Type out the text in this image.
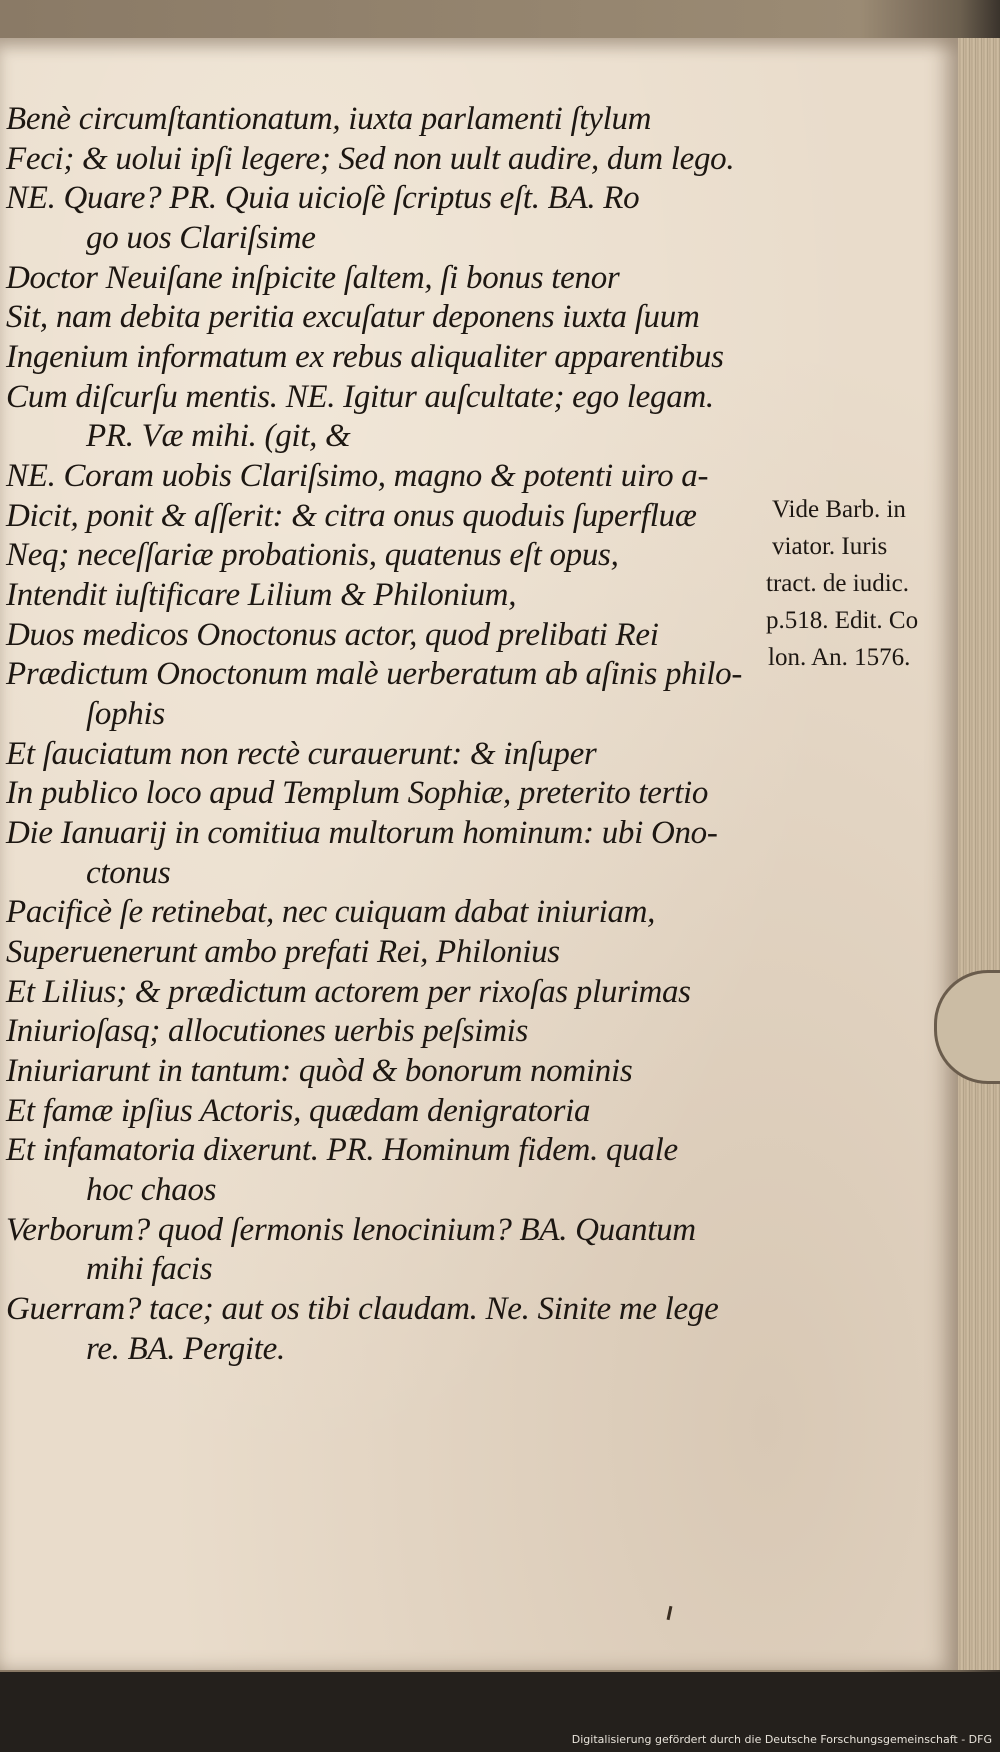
Benè circumſtantionatum, iuxta parlamenti ſtylum
Feci; & uolui ipſi legere; Sed non uult audire, dum lego.
NE. Quare? PR. Quia uicioſè ſcriptus eſt. BA. Ro
go uos Clariſsime
Doctor Neuiſane inſpicite ſaltem, ſi bonus tenor
Sit, nam debita peritia excuſatur deponens iuxta ſuum
Ingenium informatum ex rebus aliqualiter apparentibus
Cum diſcurſu mentis. NE. Igitur auſcultate; ego legam.
PR. Væ mihi. (git, &
NE. Coram uobis Clariſsimo, magno & potenti uiro a-
Dicit, ponit & aſſerit: & citra onus quoduis ſuperfluæ
Neq; neceſſariæ probationis, quatenus eſt opus,
Intendit iuſtificare Lilium & Philonium,
Duos medicos Onoctonus actor, quod prelibati Rei
Prædictum Onoctonum malè uerberatum ab aſinis philo-
ſophis
Et ſauciatum non rectè curauerunt: & inſuper
In publico loco apud Templum Sophiæ, preterito tertio
Die Ianuarij in comitiua multorum hominum: ubi Ono-
ctonus
Pacificè ſe retinebat, nec cuiquam dabat iniuriam,
Superuenerunt ambo prefati Rei, Philonius
Et Lilius; & prædictum actorem per rixoſas plurimas
Iniurioſasq; allocutiones uerbis peſsimis
Iniuriarunt in tantum: quòd & bonorum nominis
Et famæ ipſius Actoris, quædam denigratoria
Et infamatoria dixerunt. PR. Hominum fidem. quale
hoc chaos
Verborum? quod ſermonis lenocinium? BA. Quantum
mihi facis
Guerram? tace; aut os tibi claudam. Ne. Sinite me lege
re. BA. Pergite.
Vide Barb. in
viator. Iuris
tract. de iudic.
p.518. Edit. Co
lon. An. 1576.
Digitalisierung gefördert durch die Deutsche Forschungsgemeinschaft - DFG
